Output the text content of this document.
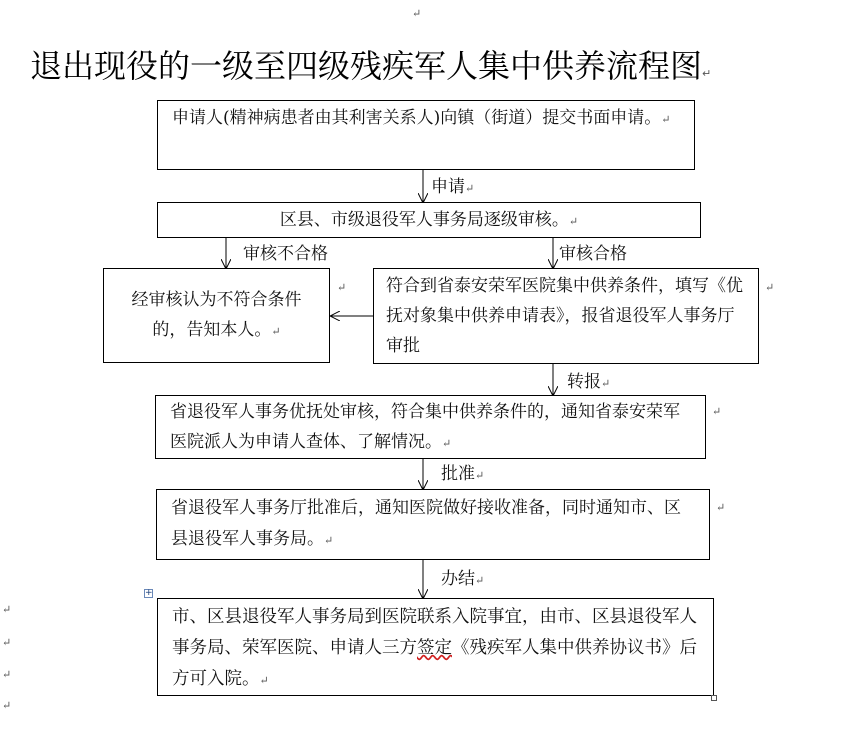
↵
退出现役的一级至四级残疾军人集中供养流程图↵
申请人(精神病患者由其利害关系人)向镇（街道）提交书面申请。↵
申请↵
区县、市级退役军人事务局逐级审核。↵
审核不合格	审核合格
经审核认为不符合条件的，告知本人。↵
↵	符合到省泰安荣军医院集中供养条件，填写《优抚对象集中供养申请表》，报省退役军人事务厅审批
↵
转报↵
省退役军人事务优抚处审核，符合集中供养条件的，通知省泰安荣军医院派人为申请人查体、了解情况。↵
↵
批准↵
省退役军人事务厅批准后，通知医院做好接收准备，同时通知市、区县退役军人事务局。↵
↵
办结↵
+
市、区县退役军人事务局到医院联系入院事宜，由市、区县退役军人事务局、荣军医院、申请人三方签定《残疾军人集中供养协议书》后方可入院。↵
↵
↵
↵
↵
